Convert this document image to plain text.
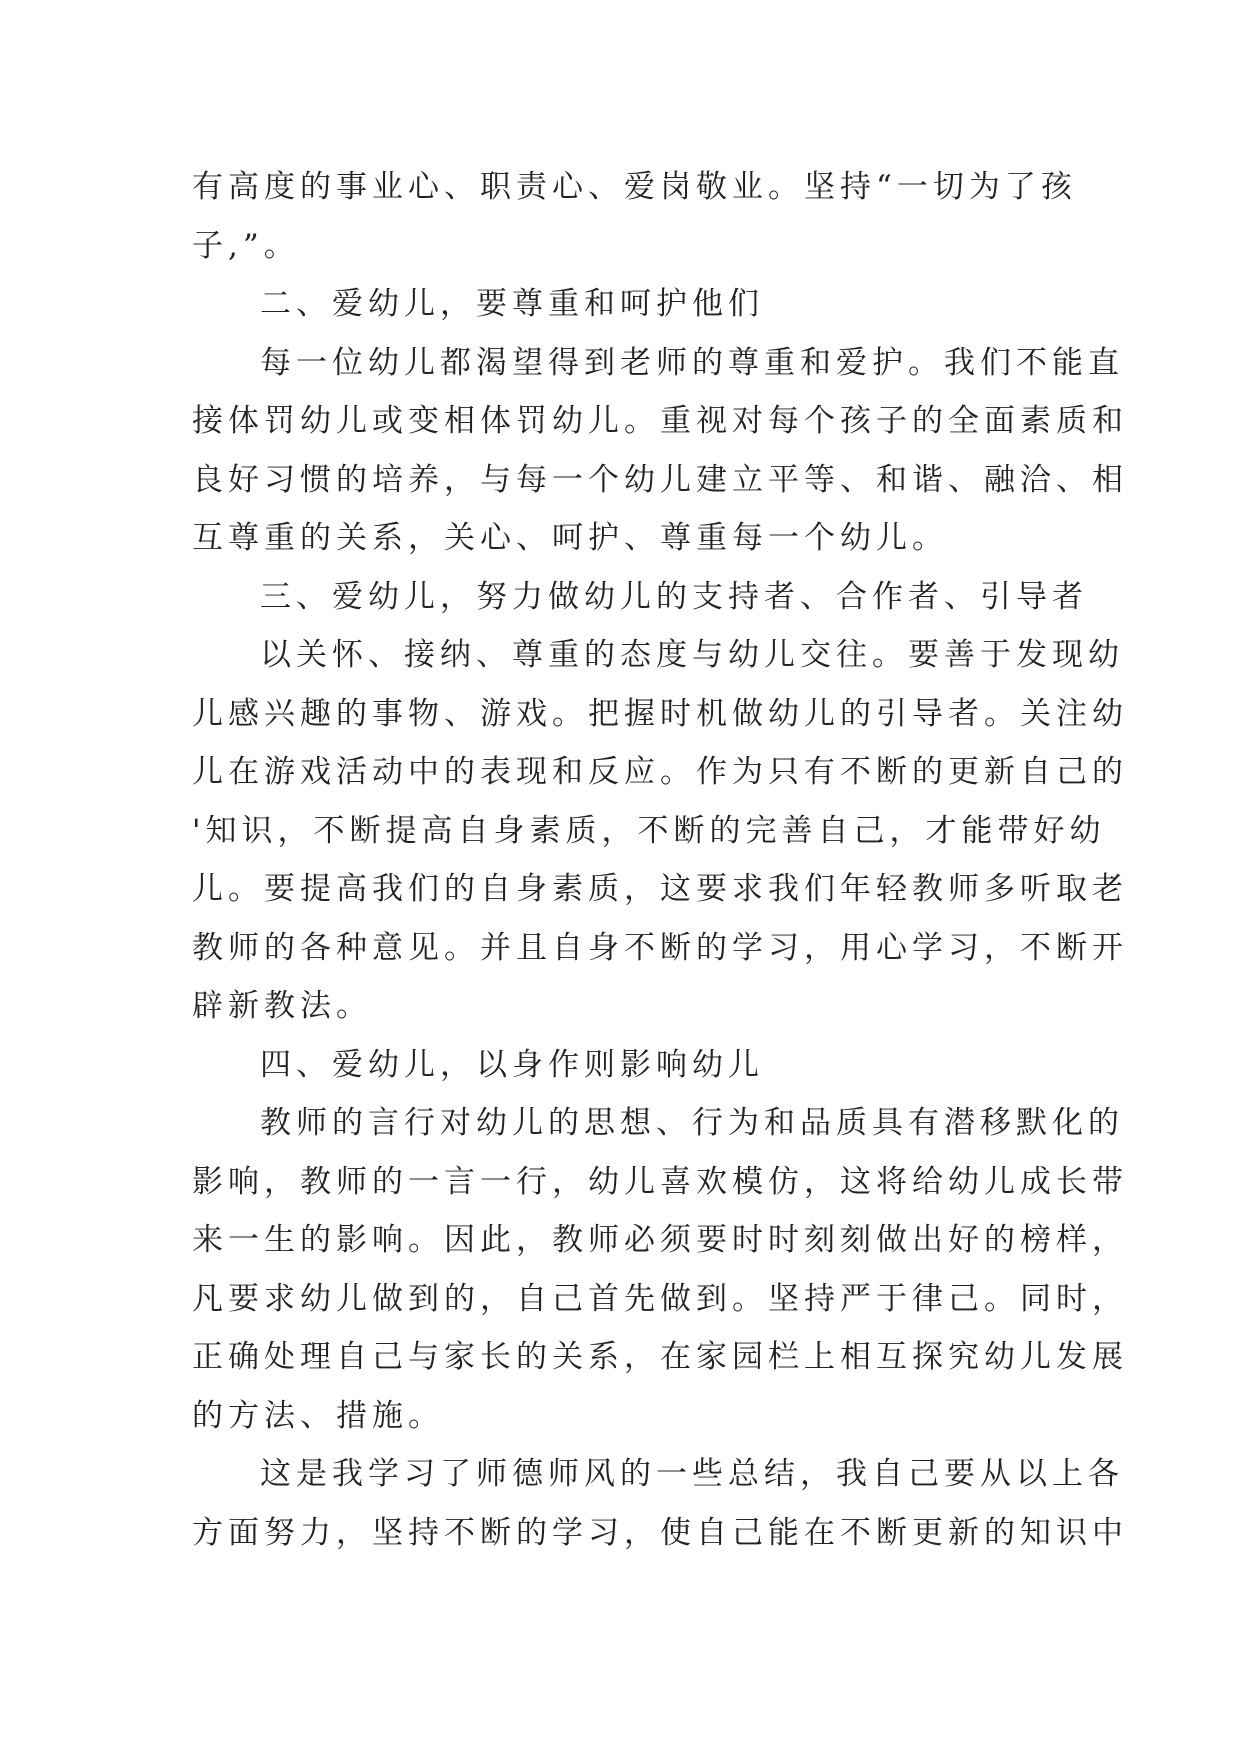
有高度的事业心、职责心、爱岗敬业。坚持“一切为了孩
子,”。
二、爱幼儿，要尊重和呵护他们
每一位幼儿都渴望得到老师的尊重和爱护。我们不能直
接体罚幼儿或变相体罚幼儿。重视对每个孩子的全面素质和
良好习惯的培养，与每一个幼儿建立平等、和谐、融洽、相
互尊重的关系，关心、呵护、尊重每一个幼儿。
三、爱幼儿，努力做幼儿的支持者、合作者、引导者
以关怀、接纳、尊重的态度与幼儿交往。要善于发现幼
儿感兴趣的事物、游戏。把握时机做幼儿的引导者。关注幼
儿在游戏活动中的表现和反应。作为只有不断的更新自己的
'知识，不断提高自身素质，不断的完善自己，才能带好幼
儿。要提高我们的自身素质，这要求我们年轻教师多听取老
教师的各种意见。并且自身不断的学习，用心学习，不断开
辟新教法。
四、爱幼儿，以身作则影响幼儿
教师的言行对幼儿的思想、行为和品质具有潜移默化的
影响，教师的一言一行，幼儿喜欢模仿，这将给幼儿成长带
来一生的影响。因此，教师必须要时时刻刻做出好的榜样，
凡要求幼儿做到的，自己首先做到。坚持严于律己。同时，
正确处理自己与家长的关系，在家园栏上相互探究幼儿发展
的方法、措施。
这是我学习了师德师风的一些总结，我自己要从以上各
方面努力，坚持不断的学习，使自己能在不断更新的知识中
